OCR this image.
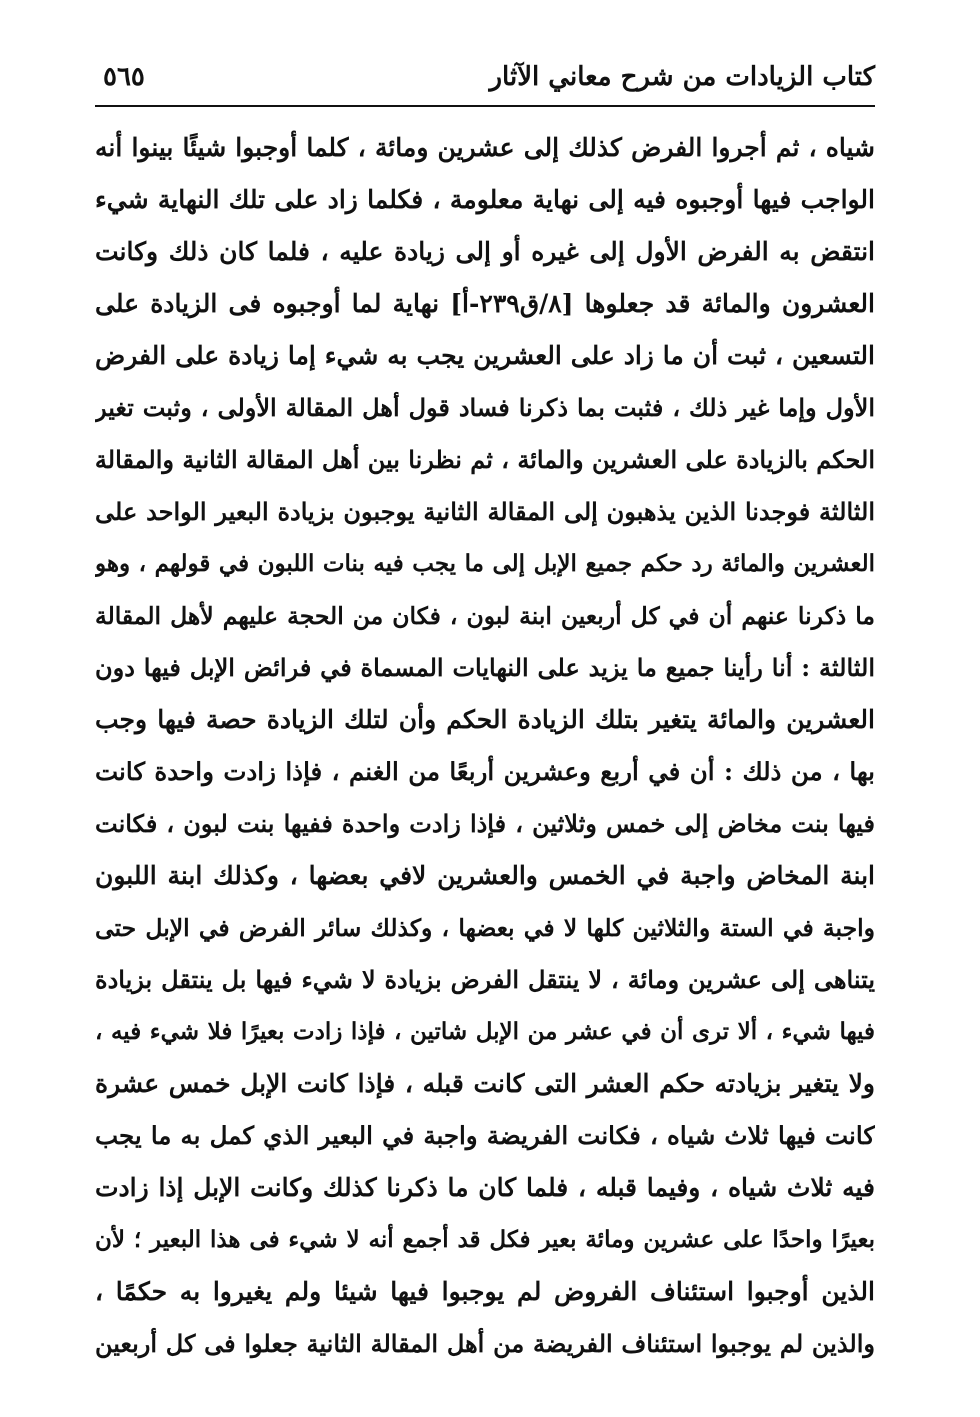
كتاب الزيادات من شرح معاني الآثار
٥٦٥
شياه ، ثم أجروا الفرض كذلك إلى عشرين ومائة ، كلما أوجبوا شيئًا بينوا أنه
الواجب فيها أوجبوه فيه إلى نهاية معلومة ، فكلما زاد على تلك النهاية شيء
انتقض به الفرض الأول إلى غيره أو إلى زيادة عليه ، فلما كان ذلك وكانت
العشرون والمائة قد جعلوها [٨/ق٢٣٩-أ] نهاية لما أوجبوه فى الزيادة على
التسعين ، ثبت أن ما زاد على العشرين يجب به شيء إما زيادة على الفرض
الأول وإما غير ذلك ، فثبت بما ذكرنا فساد قول أهل المقالة الأولى ، وثبت تغير
الحكم بالزيادة على العشرين والمائة ، ثم نظرنا بين أهل المقالة الثانية والمقالة
الثالثة فوجدنا الذين يذهبون إلى المقالة الثانية يوجبون بزيادة البعير الواحد على
العشرين والمائة رد حكم جميع الإبل إلى ما يجب فيه بنات اللبون في قولهم ، وهو
ما ذكرنا عنهم أن في كل أربعين ابنة لبون ، فكان من الحجة عليهم لأهل المقالة
الثالثة : أنا رأينا جميع ما يزيد على النهايات المسماة في فرائض الإبل فيها دون
العشرين والمائة يتغير بتلك الزيادة الحكم وأن لتلك الزيادة حصة فيها وجب
بها ، من ذلك : أن في أربع وعشرين أربعًا من الغنم ، فإذا زادت واحدة كانت
فيها بنت مخاض إلى خمس وثلاثين ، فإذا زادت واحدة ففيها بنت لبون ، فكانت
ابنة المخاض واجبة في الخمس والعشرين لافي بعضها ، وكذلك ابنة اللبون
واجبة في الستة والثلاثين كلها لا في بعضها ، وكذلك سائر الفرض في الإبل حتى
يتناهى إلى عشرين ومائة ، لا ينتقل الفرض بزيادة لا شيء فيها بل ينتقل بزيادة
فيها شيء ، ألا ترى أن في عشر من الإبل شاتين ، فإذا زادت بعيرًا فلا شيء فيه ،
ولا يتغير بزيادته حكم العشر التى كانت قبله ، فإذا كانت الإبل خمس عشرة
كانت فيها ثلاث شياه ، فكانت الفريضة واجبة في البعير الذي كمل به ما يجب
فيه ثلاث شياه ، وفيما قبله ، فلما كان ما ذكرنا كذلك وكانت الإبل إذا زادت
بعيرًا واحدًا على عشرين ومائة بعير فكل قد أجمع أنه لا شيء فى هذا البعير ؛ لأن
الذين أوجبوا استئناف الفروض لم يوجبوا فيها شيئا ولم يغيروا به حكمًا ،
والذين لم يوجبوا استئناف الفريضة من أهل المقالة الثانية جعلوا فى كل أربعين
